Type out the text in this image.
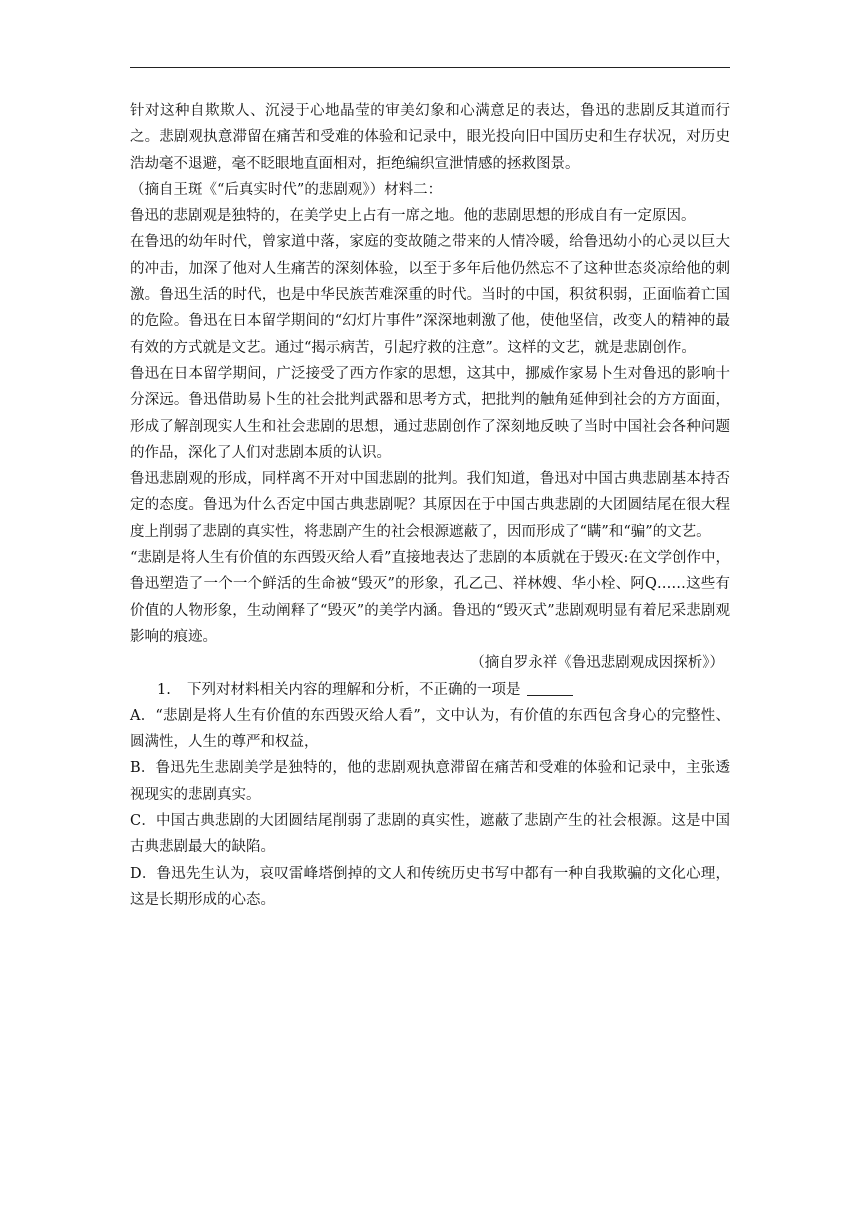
针对这种自欺欺人、沉浸于心地晶莹的审美幻象和心满意足的表达，鲁迅的悲剧反其道而行之。悲剧观执意滞留在痛苦和受难的体验和记录中，眼光投向旧中国历史和生存状况，对历史浩劫毫不退避，毫不眨眼地直面相对，拒绝编织宣泄情感的拯救图景。

（摘自王斑《“后真实时代”的悲剧观》）材料二：

鲁迅的悲剧观是独特的，在美学史上占有一席之地。他的悲剧思想的形成自有一定原因。

在鲁迅的幼年时代，曾家道中落，家庭的变故随之带来的人情冷暖，给鲁迅幼小的心灵以巨大的冲击，加深了他对人生痛苦的深刻体验，以至于多年后他仍然忘不了这种世态炎凉给他的刺激。鲁迅生活的时代，也是中华民族苦难深重的时代。当时的中国，积贫积弱，正面临着亡国的危险。鲁迅在日本留学期间的“幻灯片事件”深深地刺激了他，使他坚信，改变人的精神的最有效的方式就是文艺。通过“揭示病苦，引起疗救的注意”。这样的文艺，就是悲剧创作。

鲁迅在日本留学期间，广泛接受了西方作家的思想，这其中，挪威作家易卜生对鲁迅的影响十分深远。鲁迅借助易卜生的社会批判武器和思考方式，把批判的触角延伸到社会的方方面面，形成了解剖现实人生和社会悲剧的思想，通过悲剧创作了深刻地反映了当时中国社会各种问题的作品，深化了人们对悲剧本质的认识。

鲁迅悲剧观的形成，同样离不开对中国悲剧的批判。我们知道，鲁迅对中国古典悲剧基本持否定的态度。鲁迅为什么否定中国古典悲剧呢？其原因在于中国古典悲剧的大团圆结尾在很大程度上削弱了悲剧的真实性，将悲剧产生的社会根源遮蔽了，因而形成了“瞒”和“骗”的文艺。

“悲剧是将人生有价值的东西毁灭给人看”直接地表达了悲剧的本质就在于毁灭:在文学创作中，鲁迅塑造了一个一个鲜活的生命被“毁灭”的形象，孔乙己、祥林嫂、华小栓、阿Q……这些有价值的人物形象，生动阐释了“毁灭”的美学内涵。鲁迅的“毁灭式”悲剧观明显有着尼采悲剧观影响的痕迹。

（摘自罗永祥《鲁迅悲剧观成因探析》）

1. 下列对材料相关内容的理解和分析，不正确的一项是

A．“悲剧是将人生有价值的东西毁灭给人看”，文中认为，有价值的东西包含身心的完整性、圆满性，人生的尊严和权益，

B．鲁迅先生悲剧美学是独特的，他的悲剧观执意滞留在痛苦和受难的体验和记录中，主张透视现实的悲剧真实。

C．中国古典悲剧的大团圆结尾削弱了悲剧的真实性，遮蔽了悲剧产生的社会根源。这是中国古典悲剧最大的缺陷。

D．鲁迅先生认为，哀叹雷峰塔倒掉的文人和传统历史书写中都有一种自我欺骗的文化心理，这是长期形成的心态。
